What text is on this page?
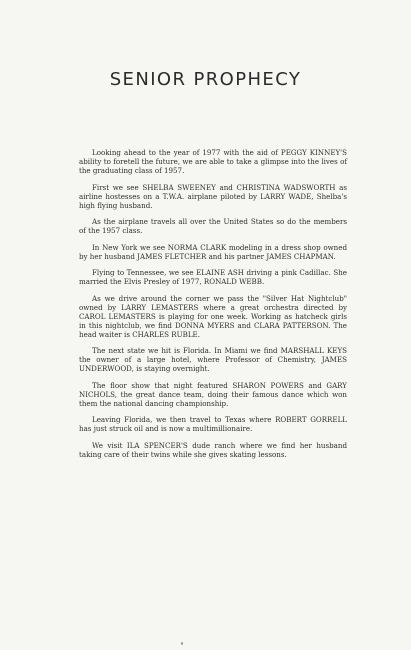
SENIOR PROPHECY

Looking ahead to the year of 1977 with the aid of PEGGY KINNEY'S ability to foretell the future, we are able to take a glimpse into the lives of the graduating class of 1957.

First we see SHELBA SWEENEY and CHRISTINA WADSWORTH as airline hostesses on a T.W.A. airplane piloted by LARRY WADE, Shelba's high flying husband.

As the airplane travels all over the United States so do the members of the 1957 class.

In New York we see NORMA CLARK modeling in a dress shop owned by her husband JAMES FLETCHER and his partner JAMES CHAPMAN.

Flying to Tennessee, we see ELAINE ASH driving a pink Cadillac. She married the Elvis Presley of 1977, RONALD WEBB.

As we drive around the corner we pass the "Silver Hat Nightclub" owned by LARRY LEMASTERS where a great orchestra directed by CAROL LEMASTERS is playing for one week. Working as hatcheck girls in this nightclub, we find DONNA MYERS and CLARA PATTERSON. The head waiter is CHARLES RUBLE.

The next state we hit is Florida. In Miami we find MARSHALL KEYS the owner of a large hotel, where Professor of Chemistry, JAMES UNDERWOOD, is staying overnight.

The floor show that night featured SHARON POWERS and GARY NICHOLS, the great dance team, doing their famous dance which won them the national dancing championship.

Leaving Florida, we then travel to Texas where ROBERT GORRELL has just struck oil and is now a multimillionaire.

We visit ILA SPENCER'S dude ranch where we find her husband taking care of their twins while she gives skating lessons.
